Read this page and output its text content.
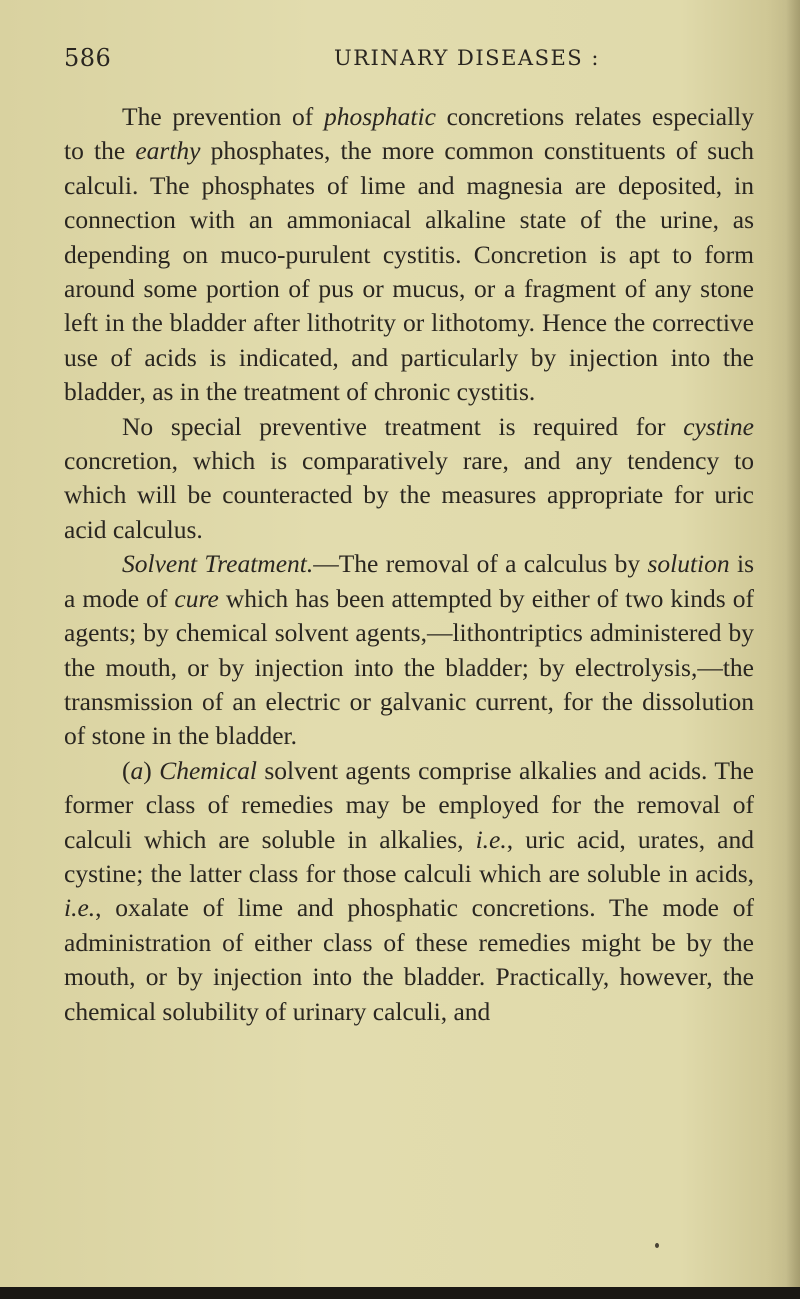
586	URINARY DISEASES :

The prevention of phosphatic concretions relates especially to the earthy phosphates, the more common constituents of such calculi. The phosphates of lime and magnesia are deposited, in connection with an ammoniacal alkaline state of the urine, as depending on muco-purulent cystitis. Concretion is apt to form around some portion of pus or mucus, or a fragment of any stone left in the bladder after lithotrity or lithotomy. Hence the corrective use of acids is indicated, and particularly by injection into the bladder, as in the treatment of chronic cystitis.

No special preventive treatment is required for cystine concretion, which is comparatively rare, and any tendency to which will be counteracted by the measures appropriate for uric acid calculus.

Solvent Treatment.—The removal of a calculus by solution is a mode of cure which has been attempted by either of two kinds of agents; by chemical solvent agents,—lithontriptics administered by the mouth, or by injection into the bladder; by electrolysis,—the transmission of an electric or galvanic current, for the dissolution of stone in the bladder.

(a) Chemical solvent agents comprise alkalies and acids. The former class of remedies may be employed for the removal of calculi which are soluble in alkalies, i.e., uric acid, urates, and cystine; the latter class for those calculi which are soluble in acids, i.e., oxalate of lime and phosphatic concretions. The mode of administration of either class of these remedies might be by the mouth, or by injection into the bladder. Practically, however, the chemical solubility of urinary calculi, and
